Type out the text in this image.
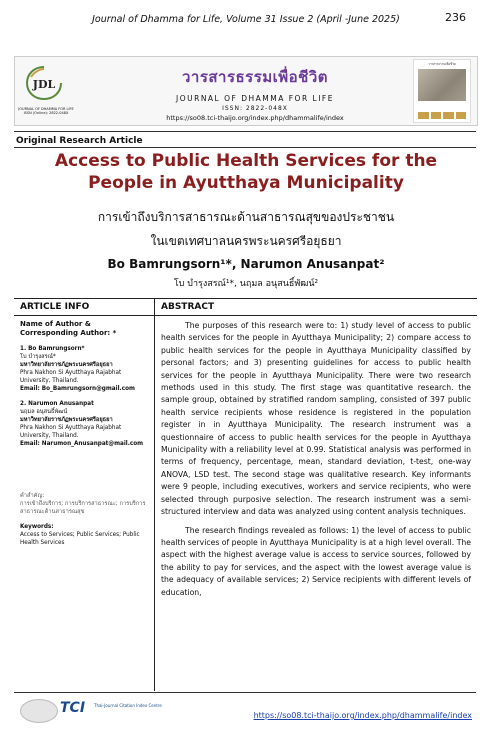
Journal of Dhamma for Life, Volume 31 Issue 2 (April -June 2025)	236
JDL
JOURNAL OF DHAMMA FOR LIFE ISSN (Online): 2822-048X
วารสารธรรมเพื่อชีวิต
JOURNAL OF DHAMMA FOR LIFE
ISSN: 2822-048X
https://so08.tci-thaijo.org/index.php/dhammalife/index
วารสารธรรมเพื่อชีวิต
Original Research Article
Access to Public Health Services for the People in Ayutthaya Municipality
การเข้าถึงบริการสาธารณะด้านสาธารณสุขของประชาชน
ในเขตเทศบาลนครพระนครศรีอยุธยา
Bo Bamrungsorn¹*, Narumon Anusanpat²
โบ บำรุงสรณ์¹*, นฤมล อนุสนธิ์พัฒน์²
ARTICLE INFO
Name of Author & Corresponding Author: *
1. Bo Bamrungsorn*
โบ บำรุงสรณ์*
มหาวิทยาลัยราชภัฏพระนครศรีอยุธยา
Phra Nakhon Si Ayutthaya Rajabhat University, Thailand.
Email: Bo_Bamrungsorn@gmail.com
2. Narumon Anusanpat
นฤมล อนุสนธิ์พัฒน์
มหาวิทยาลัยราชภัฏพระนครศรีอยุธยา
Phra Nakhon Si Ayutthaya Rajabhat University, Thailand.
Email: Narumon_Anusanpat@mail.com
คำสำคัญ:
การเข้าถึงบริการ; การบริการสาธารณะ; การบริการสาธารณะด้านสาธารณสุข
Keywords:
Access to Services; Public Services; Public Health Services
ABSTRACT

The purposes of this research were to: 1) study level of access to public health services for the people in Ayutthaya Municipality; 2) compare access to public health services for the people in Ayutthaya Municipality classified by personal factors; and 3) presenting guidelines for access to public health services for the people in Ayutthaya Municipality. There were two research methods used in this study. The first stage was quantitative research. the sample group, obtained by stratified random sampling, consisted of 397 public health service recipients whose residence is registered in the population register in in Ayutthaya Municipality. The research instrument was a questionnaire of access to public health services for the people in Ayutthaya Municipality with a reliability level at 0.99. Statistical analysis was performed in terms of frequency, percentage, mean, standard deviation, t-test, one-way ANOVA, LSD test. The second stage was qualitative research. Key informants were 9 people, including executives, workers and service recipients, who were selected through purposive selection. The research instrument was a semi-structured interview and data was analyzed using content analysis techniques.

The research findings revealed as follows: 1) the level of access to public health services of people in Ayutthaya Municipality is at a high level overall. The aspect with the highest average value is access to service sources, followed by the ability to pay for services, and the aspect with the lowest average value is the adequacy of available services; 2) Service recipients with different levels of education,

TCI Thai-Journal Citation Index Centre
https://so08.tci-thaijo.org/index.php/dhammalife/index
